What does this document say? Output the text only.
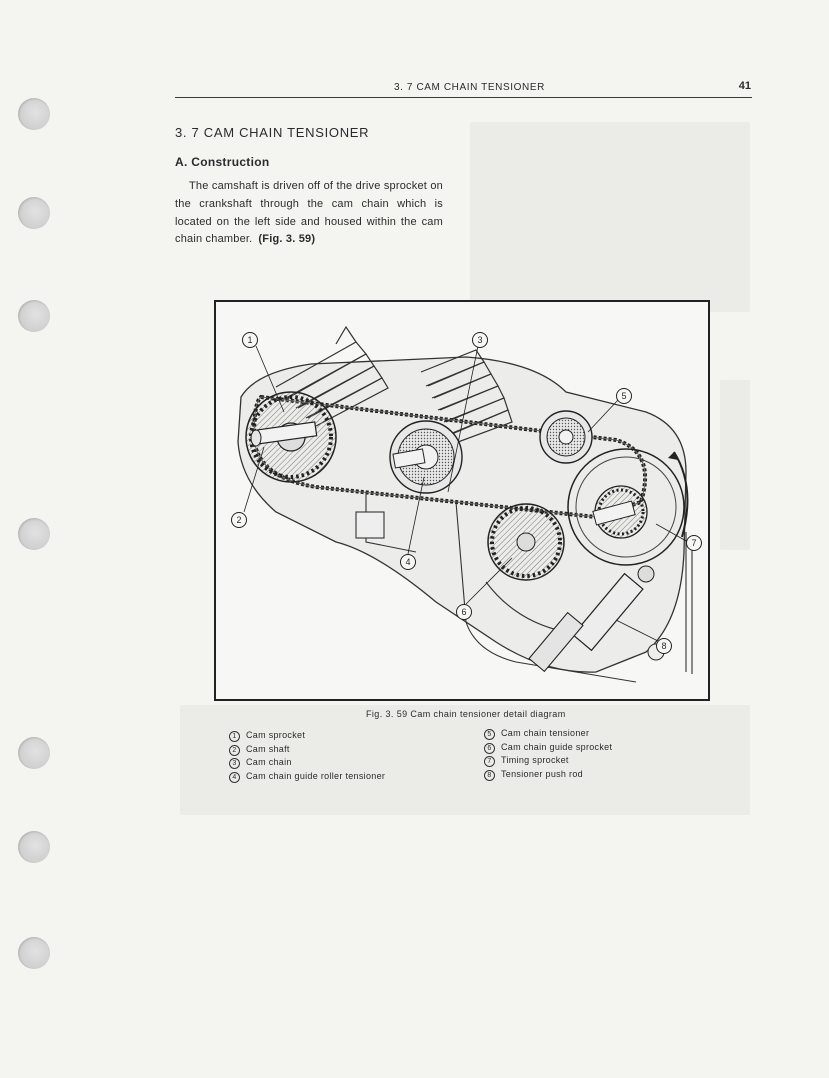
3. 7 CAM CHAIN TENSIONER	41
3. 7 CAM CHAIN TENSIONER
A. Construction
The camshaft is driven off of the drive sprocket on the crankshaft through the cam chain which is located on the left side and housed within the cam chain chamber. (Fig. 3. 59)
1
2
3
4
5
6
7
8
Fig. 3. 59 Cam chain tensioner detail diagram
1 Cam sprocket
2 Cam shaft
3 Cam chain
4 Cam chain guide roller tensioner
5 Cam chain tensioner
6 Cam chain guide sprocket
7 Timing sprocket
8 Tensioner push rod
